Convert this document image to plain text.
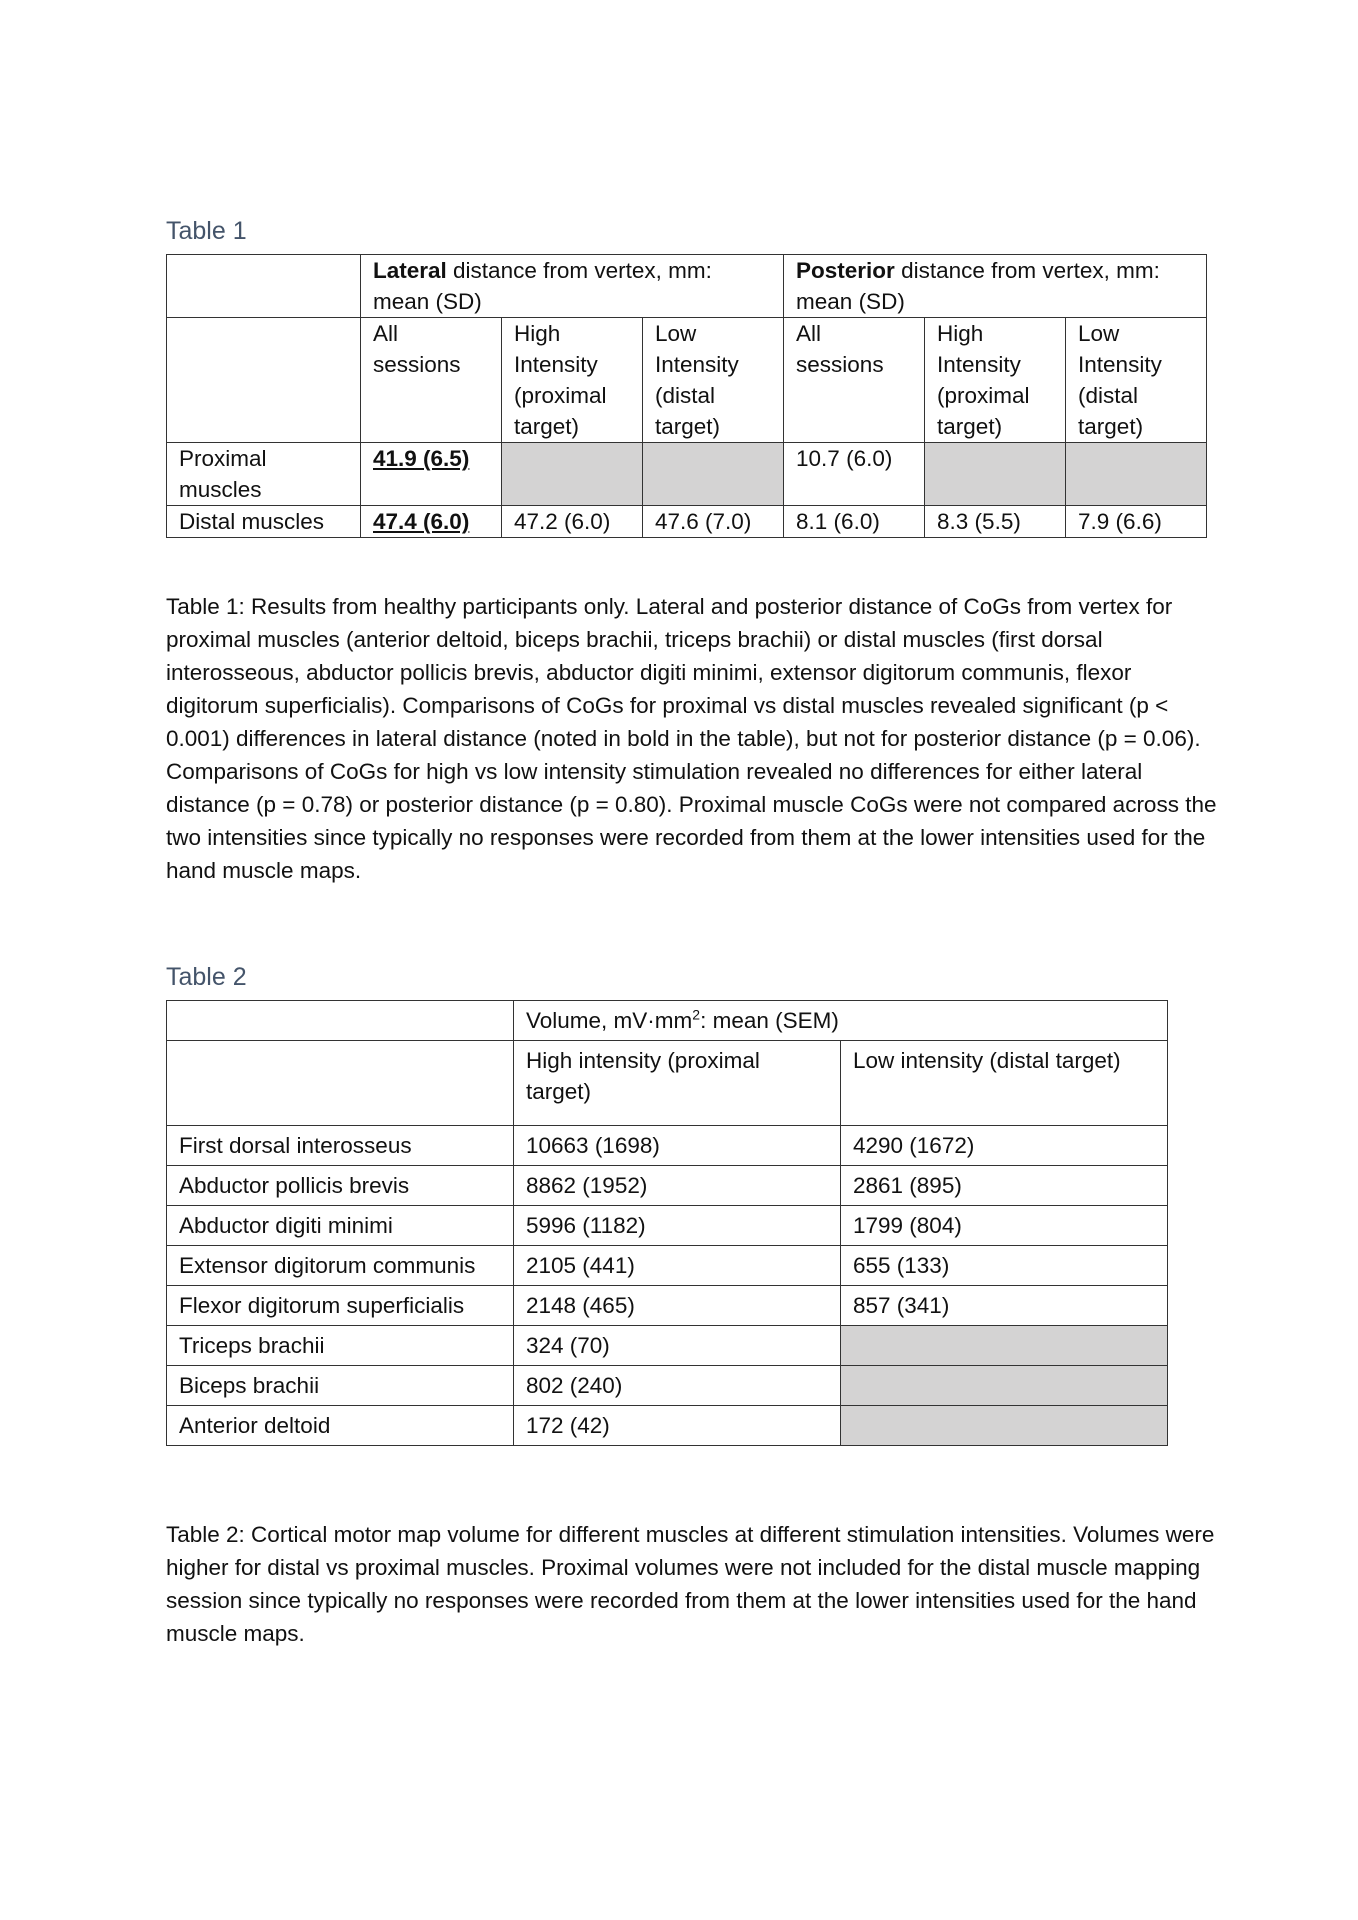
Table 1
	Lateral distance from vertex, mm: mean (SD)			Posterior distance from vertex, mm: mean (SD)		
	All sessions	High Intensity (proximal target)	Low Intensity (distal target)	All sessions	High Intensity (proximal target)	Low Intensity (distal target)
Proximal muscles	41.9 (6.5)			10.7 (6.0)		
Distal muscles	47.4 (6.0)	47.2 (6.0)	47.6 (7.0)	8.1 (6.0)	8.3 (5.5)	7.9 (6.6)

Table 1: Results from healthy participants only. Lateral and posterior distance of CoGs from vertex for proximal muscles (anterior deltoid, biceps brachii, triceps brachii) or distal muscles (first dorsal interosseous, abductor pollicis brevis, abductor digiti minimi, extensor digitorum communis, flexor digitorum superficialis). Comparisons of CoGs for proximal vs distal muscles revealed significant (p < 0.001) differences in lateral distance (noted in bold in the table), but not for posterior distance (p = 0.06). Comparisons of CoGs for high vs low intensity stimulation revealed no differences for either lateral distance (p = 0.78) or posterior distance (p = 0.80). Proximal muscle CoGs were not compared across the two intensities since typically no responses were recorded from them at the lower intensities used for the hand muscle maps.

Table 2
	Volume, $mV\cdot mm^2$: mean (SEM)	
	High intensity (proximal target)	Low intensity (distal target)
First dorsal interosseus	10663 (1698)	4290 (1672)
Abductor pollicis brevis	8862 (1952)	2861 (895)
Abductor digiti minimi	5996 (1182)	1799 (804)
Extensor digitorum communis	2105 (441)	655 (133)
Flexor digitorum superficialis	2148 (465)	857 (341)
Triceps brachii	324 (70)	
Biceps brachii	802 (240)	
Anterior deltoid	172 (42)	

Table 2: Cortical motor map volume for different muscles at different stimulation intensities. Volumes were higher for distal vs proximal muscles. Proximal volumes were not included for the distal muscle mapping session since typically no responses were recorded from them at the lower intensities used for the hand muscle maps.
